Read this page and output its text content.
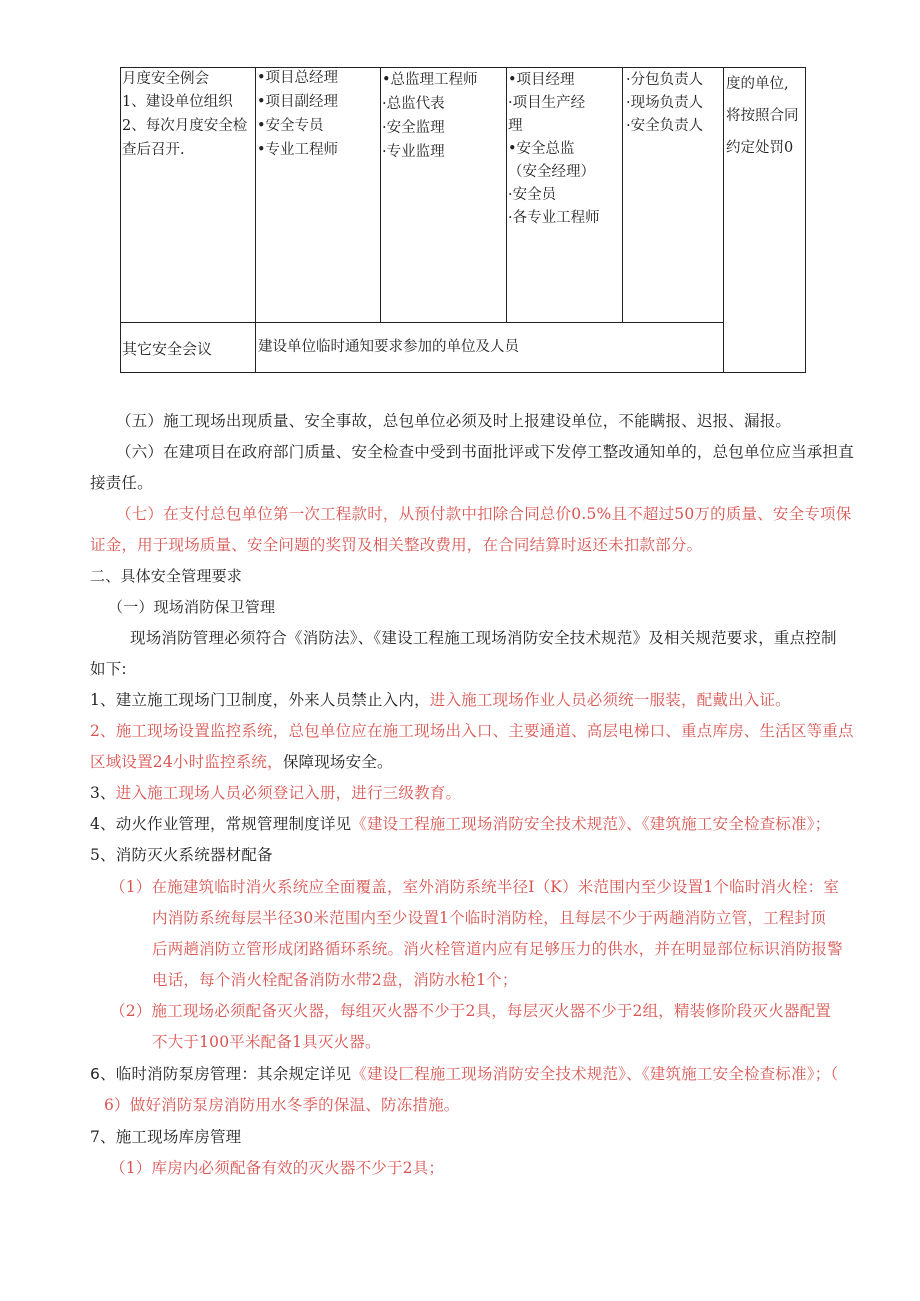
月度安全例会
1、建设单位组织
2、每次月度安全检
查后召开.
•项目总经理
•项目副经理
•安全专员
•专业工程师
•总监理工程师
·总监代表
·安全监理
·专业监理
•项目经理
·项目生产经
理
•安全总监
（安全经理）
·安全员
·各专业工程师
·分包负责人
·现场负责人
·安全负责人
度的单位,
将按照合同
约定处罚0
其它安全会议	建设单位临时通知要求参加的单位及人员
（五）施工现场出现质量、安全事故，总包单位必须及时上报建设单位，不能瞒报、迟报、漏报。
（六）在建项目在政府部门质量、安全检查中受到书面批评或下发停工整改通知单的，总包单位应当承担直
接责任。
（七）在支付总包单位第一次工程款时，从预付款中扣除合同总价0.5%且不超过50万的质量、安全专项保
证金，用于现场质量、安全问题的奖罚及相关整改费用，在合同结算时返还未扣款部分。
二、具体安全管理要求
（一）现场消防保卫管理
现场消防管理必须符合《消防法》、《建设工程施工现场消防安全技术规范》及相关规范要求，重点控制
如下:
1、建立施工现场门卫制度，外来人员禁止入内，进入施工现场作业人员必须统一服装，配戴出入证。
2、施工现场设置监控系统，总包单位应在施工现场出入口、主要通道、高层电梯口、重点库房、生活区等重点
区域设置24小时监控系统，保障现场安全。
3、进入施工现场人员必须登记入册，进行三级教育。
4、动火作业管理，常规管理制度详见《建设工程施工现场消防安全技术规范》、《建筑施工安全检查标准》；
5、消防灭火系统器材配备
（1）在施建筑临时消火系统应全面覆盖，室外消防系统半径I（K）米范围内至少设置1个临时消火栓：室
内消防系统每层半径30米范围内至少设置1个临时消防栓，且每层不少于两趟消防立管，工程封顶
后两趟消防立管形成闭路循环系统。消火栓管道内应有足够压力的供水，并在明显部位标识消防报警
电话，每个消火栓配备消防水带2盘，消防水枪1个；
（2）施工现场必须配备灭火器，每组灭火器不少于2具，每层灭火器不少于2组，精装修阶段灭火器配置
不大于100平米配备1具灭火器。
6、临时消防泵房管理：其余规定详见《建设匚程施工现场消防安全技术规范》、《建筑施工安全检查标准》；（
6）做好消防泵房消防用水冬季的保温、防冻措施。
7、施工现场库房管理
（1）库房内必须配备有效的灭火器不少于2具；
